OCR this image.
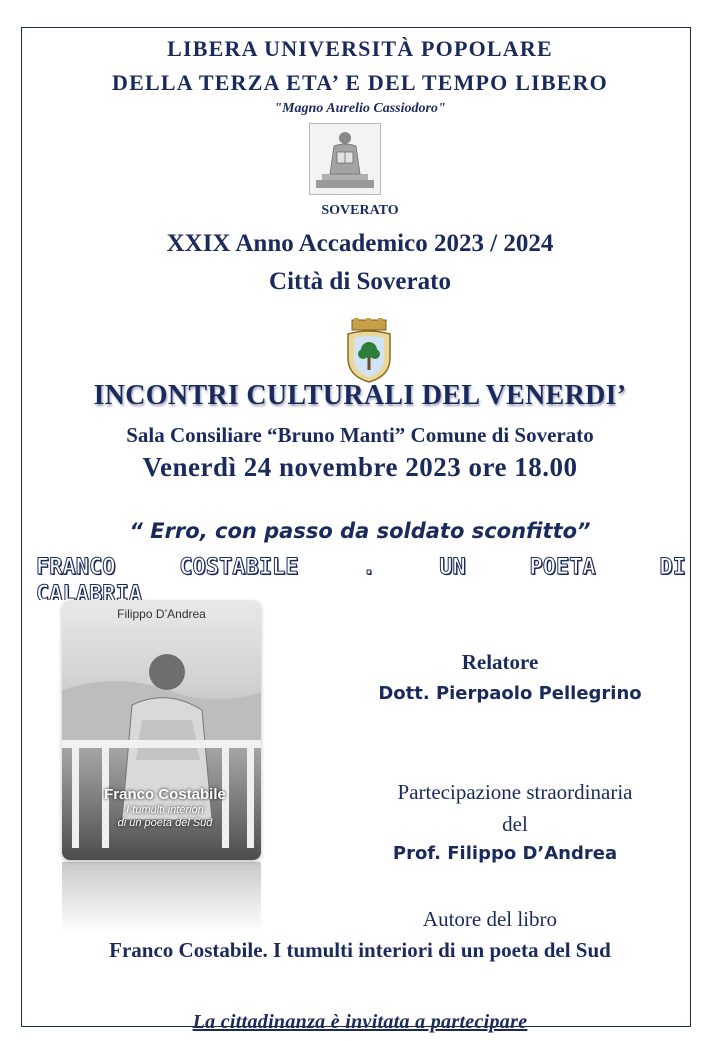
LIBERA UNIVERSITÀ POPOLARE

DELLA TERZA ETA’ E DEL TEMPO LIBERO

"Magno Aurelio Cassiodoro"

SOVERATO

XXIX Anno Accademico 2023 / 2024

Città di Soverato

INCONTRI CULTURALI DEL VENERDI’

Sala Consiliare “Bruno Manti” Comune di Soverato

Venerdì 24 novembre 2023 ore 18.00

“ Erro, con passo da soldato sconfitto”

FRANCO	COSTABILE	.	UN	POETA	DI

CALABRIA

Filippo D’Andrea

Franco Costabile

I tumulti interiori

di un poeta del Sud

Relatore

Dott. Pierpaolo Pellegrino

Partecipazione straordinaria

del

Prof. Filippo D’Andrea

Autore del libro

Franco Costabile. I tumulti interiori di un poeta del Sud

La cittadinanza è invitata a partecipare
